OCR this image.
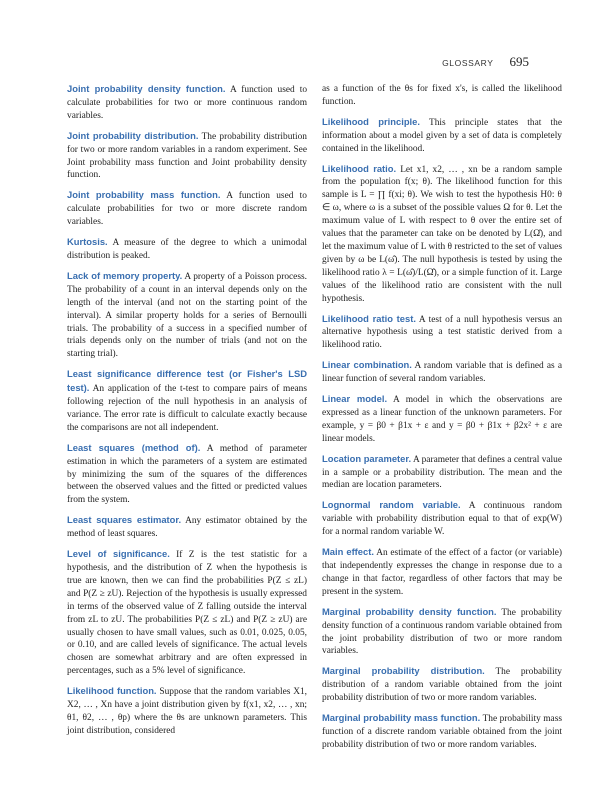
GLOSSARY 695

Joint probability density function. A function used to calculate probabilities for two or more continuous random variables.

Joint probability distribution. The probability distribution for two or more random variables in a random experiment. See Joint probability mass function and Joint probability density function.

Joint probability mass function. A function used to calculate probabilities for two or more discrete random variables.

Kurtosis. A measure of the degree to which a unimodal distribution is peaked.

Lack of memory property. A property of a Poisson process. The probability of a count in an interval depends only on the length of the interval (and not on the starting point of the interval). A similar property holds for a series of Bernoulli trials. The probability of a success in a specified number of trials depends only on the number of trials (and not on the starting trial).

Least significance difference test (or Fisher's LSD test). An application of the t-test to compare pairs of means following rejection of the null hypothesis in an analysis of variance. The error rate is difficult to calculate exactly because the comparisons are not all independent.

Least squares (method of). A method of parameter estimation in which the parameters of a system are estimated by minimizing the sum of the squares of the differences between the observed values and the fitted or predicted values from the system.

Least squares estimator. Any estimator obtained by the method of least squares.

Level of significance. If Z is the test statistic for a hypothesis, and the distribution of Z when the hypothesis is true are known, then we can find the probabilities P(Z ≤ zL) and P(Z ≥ zU). Rejection of the hypothesis is usually expressed in terms of the observed value of Z falling outside the interval from zL to zU. The probabilities P(Z ≤ zL) and P(Z ≥ zU) are usually chosen to have small values, such as 0.01, 0.025, 0.05, or 0.10, and are called levels of significance. The actual levels chosen are somewhat arbitrary and are often expressed in percentages, such as a 5% level of significance.

Likelihood function. Suppose that the random variables X1, X2, … , Xn have a joint distribution given by f(x1, x2, … , xn; θ1, θ2, … , θp) where the θs are unknown parameters. This joint distribution, considered

as a function of the θs for fixed x's, is called the likelihood function.

Likelihood principle. This principle states that the information about a model given by a set of data is completely contained in the likelihood.

Likelihood ratio. Let x1, x2, … , xn be a random sample from the population f(x; θ). The likelihood function for this sample is L = ∏ f(xi; θ). We wish to test the hypothesis H0: θ ∈ ω, where ω is a subset of the possible values Ω for θ. Let the maximum value of L with respect to θ over the entire set of values that the parameter can take on be denoted by L(Ω̂), and let the maximum value of L with θ restricted to the set of values given by ω be L(ω̂). The null hypothesis is tested by using the likelihood ratio λ = L(ω̂)/L(Ω̂), or a simple function of it. Large values of the likelihood ratio are consistent with the null hypothesis.

Likelihood ratio test. A test of a null hypothesis versus an alternative hypothesis using a test statistic derived from a likelihood ratio.

Linear combination. A random variable that is defined as a linear function of several random variables.

Linear model. A model in which the observations are expressed as a linear function of the unknown parameters. For example, y = β0 + β1x + ε and y = β0 + β1x + β2x² + ε are linear models.

Location parameter. A parameter that defines a central value in a sample or a probability distribution. The mean and the median are location parameters.

Lognormal random variable. A continuous random variable with probability distribution equal to that of exp(W) for a normal random variable W.

Main effect. An estimate of the effect of a factor (or variable) that independently expresses the change in response due to a change in that factor, regardless of other factors that may be present in the system.

Marginal probability density function. The probability density function of a continuous random variable obtained from the joint probability distribution of two or more random variables.

Marginal probability distribution. The probability distribution of a random variable obtained from the joint probability distribution of two or more random variables.

Marginal probability mass function. The probability mass function of a discrete random variable obtained from the joint probability distribution of two or more random variables.
